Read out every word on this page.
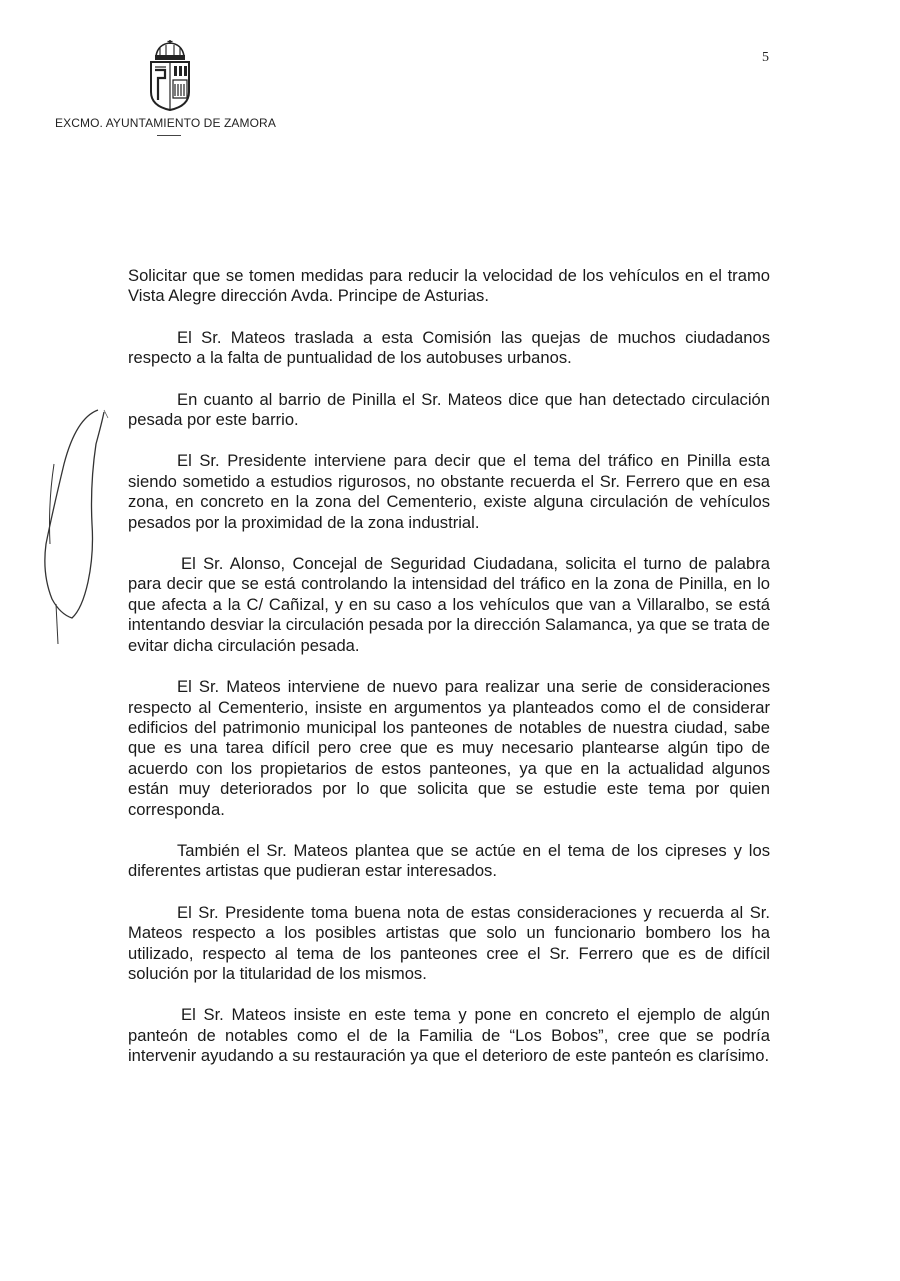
EXCMO. AYUNTAMIENTO DE ZAMORA
5

Solicitar que se tomen medidas para reducir la velocidad de los vehículos en el tramo Vista Alegre dirección Avda. Principe de Asturias.

El Sr. Mateos traslada a esta Comisión las quejas de muchos ciudadanos respecto a la falta de puntualidad de los autobuses urbanos.

En cuanto al barrio de Pinilla el Sr. Mateos dice que han detectado circulación pesada por este barrio.

El Sr. Presidente interviene para decir que el tema del tráfico en Pinilla esta siendo sometido a estudios rigurosos, no obstante recuerda el Sr. Ferrero que en esa zona, en concreto en la zona del Cementerio, existe alguna circulación de vehículos pesados por la proximidad de la zona industrial.

El Sr. Alonso, Concejal de Seguridad Ciudadana, solicita el turno de palabra para decir que se está controlando la intensidad del tráfico en la zona de Pinilla, en lo que afecta a la C/ Cañizal, y en su caso a los vehículos que van a Villaralbo, se está intentando desviar la circulación pesada por la dirección Salamanca, ya que se trata de evitar dicha circulación pesada.

El Sr. Mateos interviene de nuevo para realizar una serie de consideraciones respecto al Cementerio, insiste en argumentos ya planteados como el de considerar edificios del patrimonio municipal los panteones de notables de nuestra ciudad, sabe que es una tarea difícil pero cree que es muy necesario plantearse algún tipo de acuerdo con los propietarios de estos panteones, ya que en la actualidad algunos están muy deteriorados por lo que solicita que se estudie este tema por quien corresponda.

También el Sr. Mateos plantea que se actúe en el tema de los cipreses y los diferentes artistas que pudieran estar interesados.

El Sr. Presidente toma buena nota de estas consideraciones y recuerda al Sr. Mateos respecto a los posibles artistas que solo un funcionario bombero los ha utilizado, respecto al tema de los panteones cree el Sr. Ferrero que es de difícil solución por la titularidad de los mismos.

El Sr. Mateos insiste en este tema y pone en concreto el ejemplo de algún panteón de notables como el de la Familia de “Los Bobos”, cree que se podría intervenir ayudando a su restauración ya que el deterioro de este panteón es clarísimo.
